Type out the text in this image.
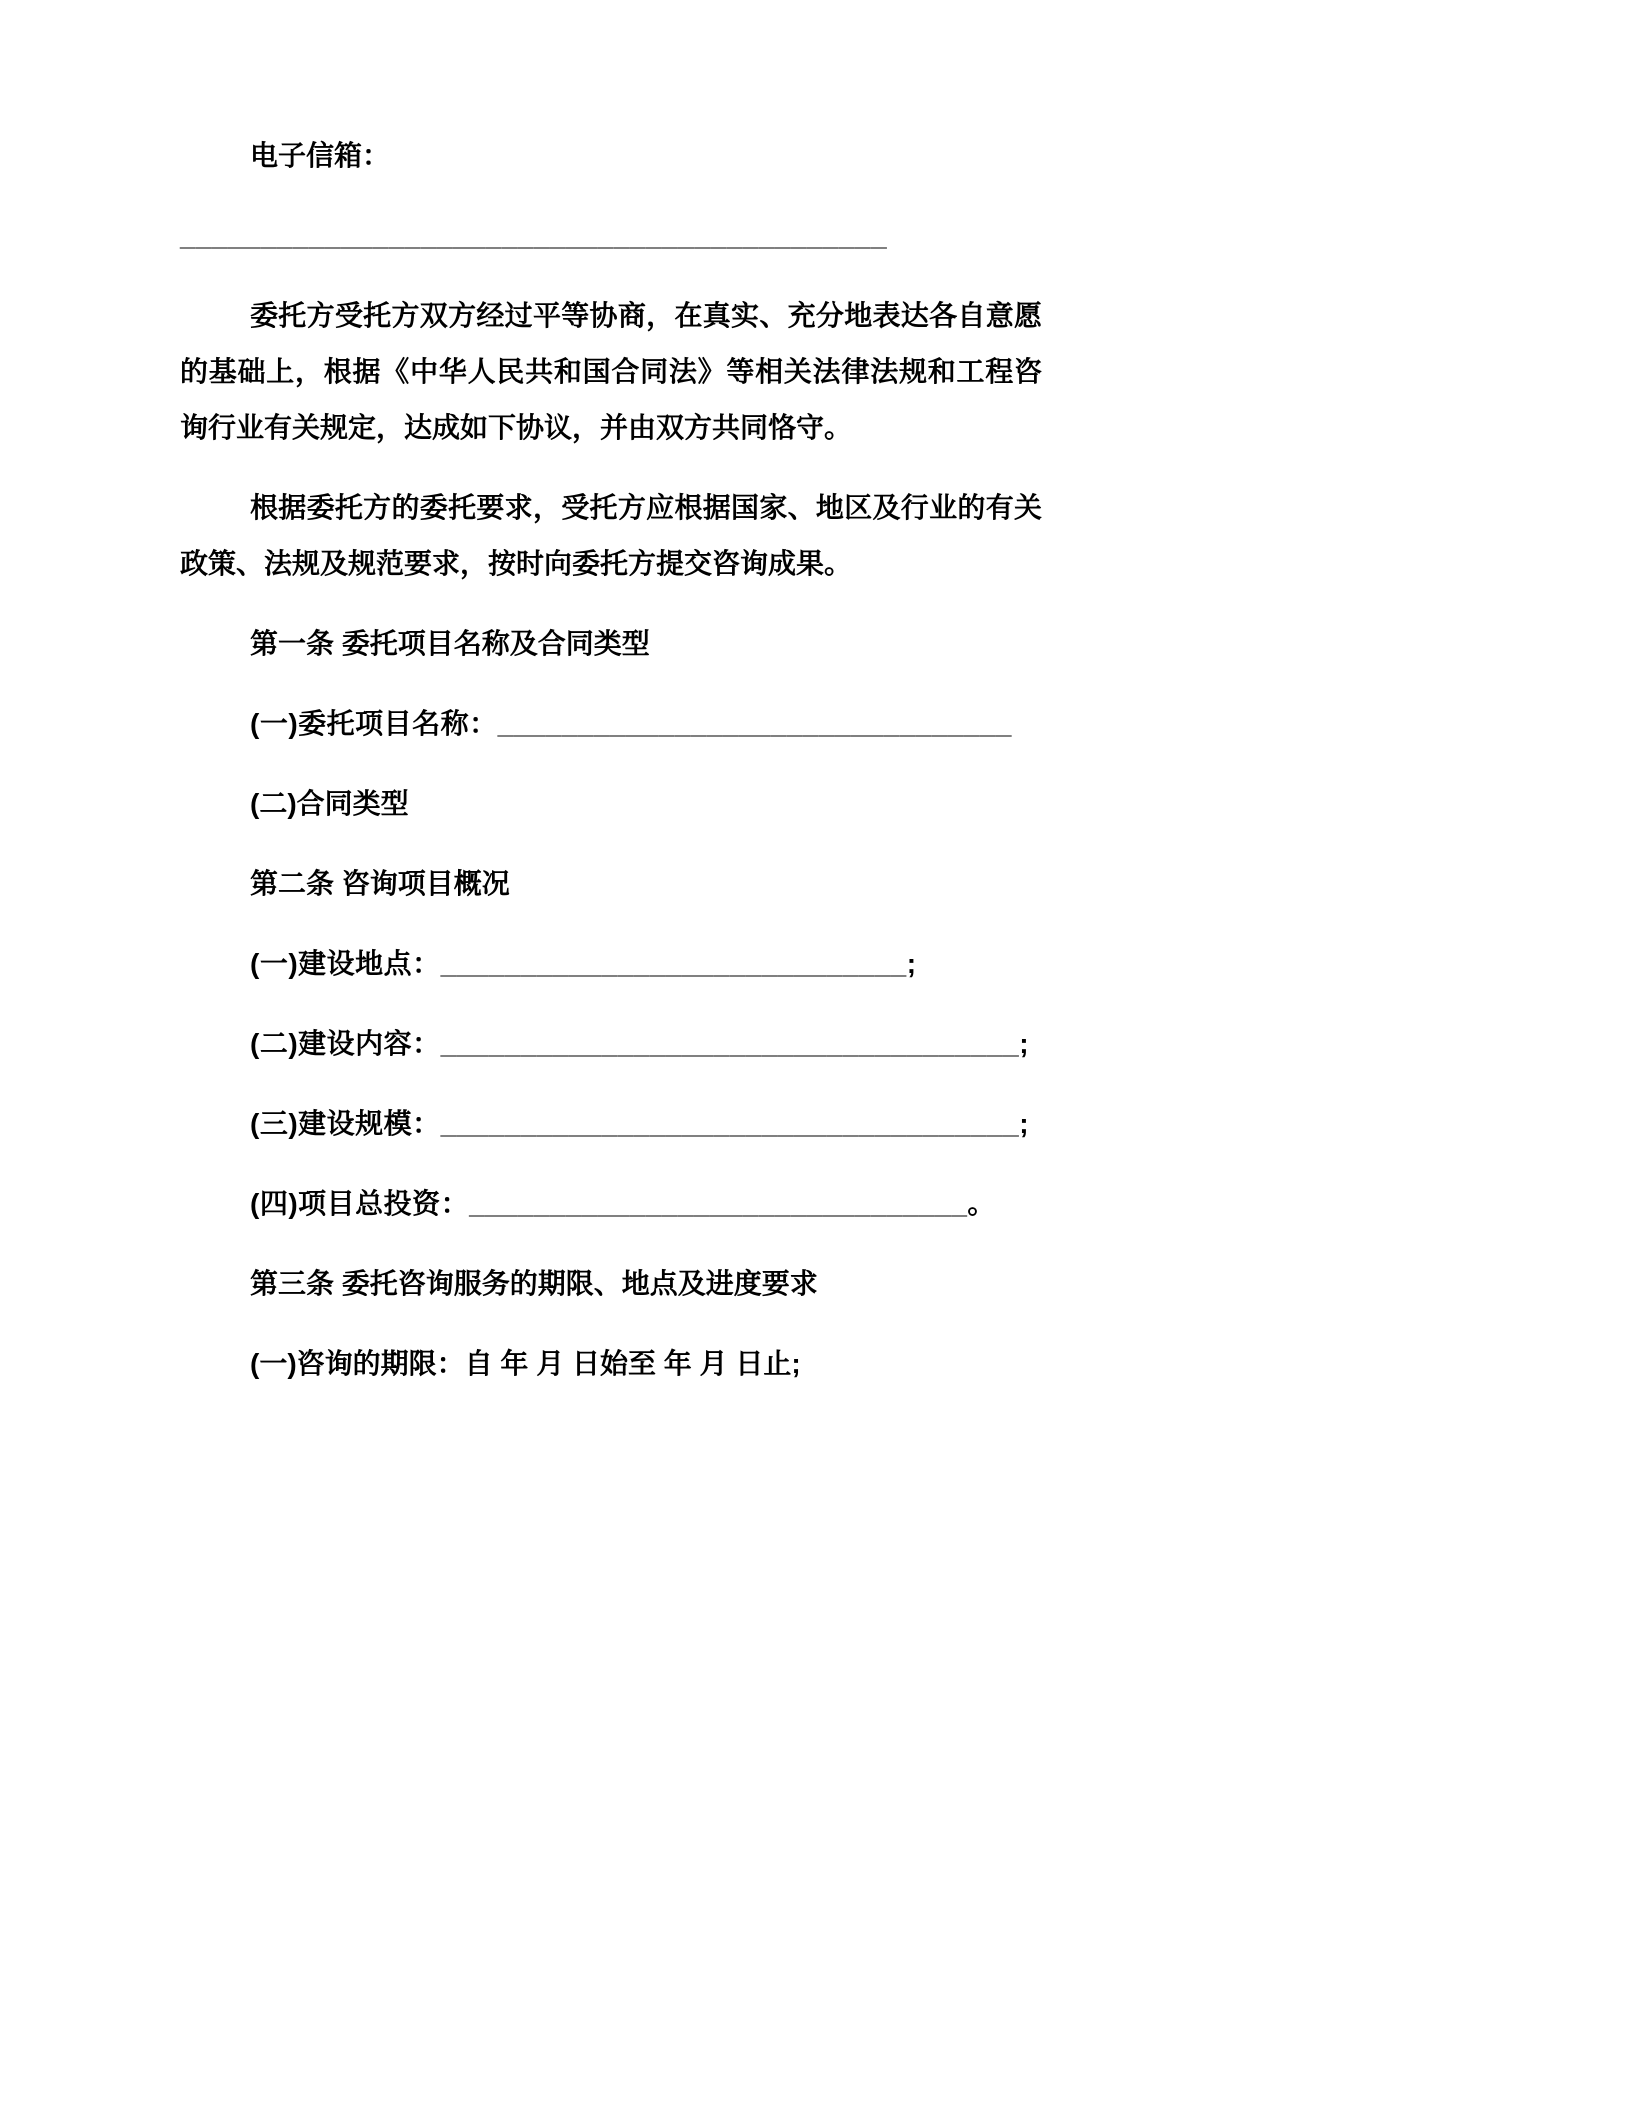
电子信箱：

____________________________________________

委托方受托方双方经过平等协商，在真实、充分地表达各自意愿的基础上，根据《中华人民共和国合同法》等相关法律法规和工程咨询行业有关规定，达成如下协议，并由双方共同恪守。

根据委托方的委托要求，受托方应根据国家、地区及行业的有关政策、法规及规范要求，按时向委托方提交咨询成果。

第一条 委托项目名称及合同类型

(一)委托项目名称：________________________________

(二)合同类型

第二条 咨询项目概况

(一)建设地点：_____________________________;

(二)建设内容：____________________________________;

(三)建设规模：____________________________________;

(四)项目总投资：_______________________________。

第三条 委托咨询服务的期限、地点及进度要求

(一)咨询的期限：自 年 月 日始至 年 月 日止;
